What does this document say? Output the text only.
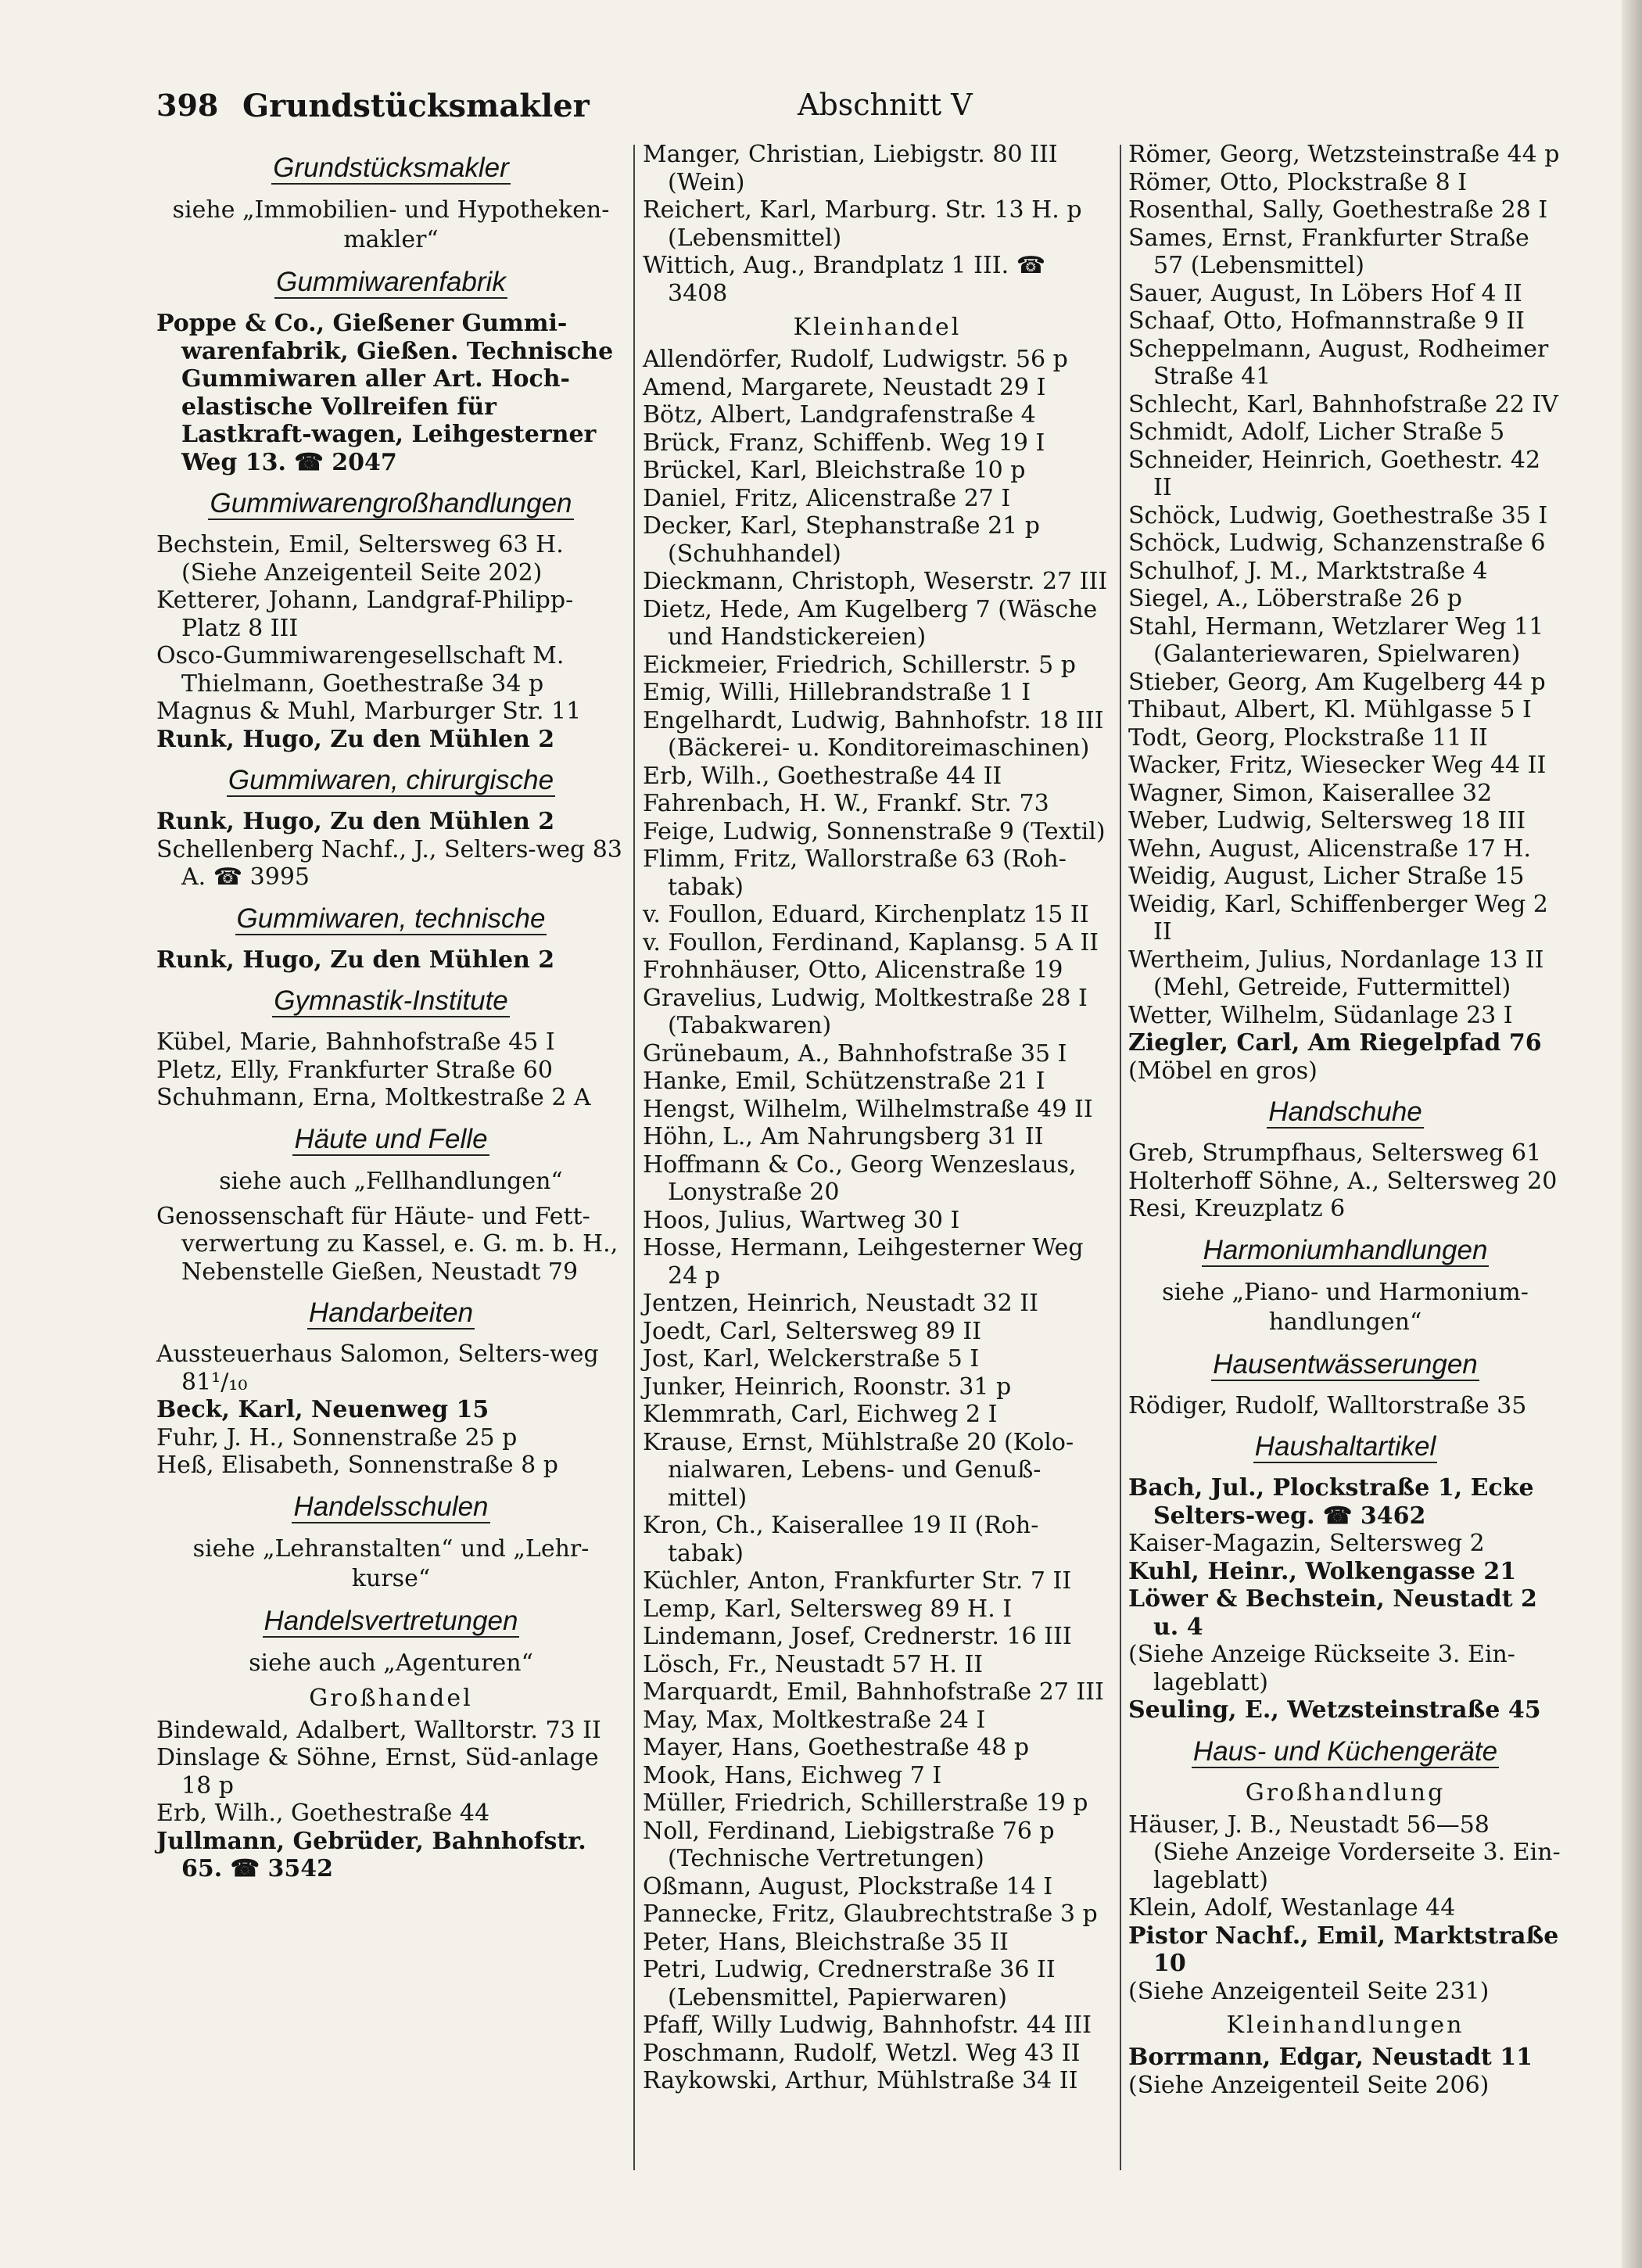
398 Grundstücksmakler	Abschnitt V
Grundstücksmakler
siehe „Immobilien- und Hypotheken-makler“
Gummiwarenfabrik
Poppe & Co., Gießener Gummi-warenfabrik, Gießen. Technische Gummiwaren aller Art. Hoch-elastische Vollreifen für Lastkraft-wagen, Leihgesterner Weg 13. ☎ 2047
Gummiwarengroßhandlungen
Bechstein, Emil, Seltersweg 63 H. (Siehe Anzeigenteil Seite 202)
Ketterer, Johann, Landgraf-Philipp-Platz 8 III
Osco-Gummiwarengesellschaft M. Thielmann, Goethestraße 34 p
Magnus & Muhl, Marburger Str. 11
Runk, Hugo, Zu den Mühlen 2
Gummiwaren, chirurgische
Runk, Hugo, Zu den Mühlen 2
Schellenberg Nachf., J., Selters-weg 83 A. ☎ 3995
Gummiwaren, technische
Runk, Hugo, Zu den Mühlen 2
Gymnastik-Institute
Kübel, Marie, Bahnhofstraße 45 I
Pletz, Elly, Frankfurter Straße 60
Schuhmann, Erna, Moltkestraße 2 A
Häute und Felle
siehe auch „Fellhandlungen“
Genossenschaft für Häute- und Fett-verwertung zu Kassel, e. G. m. b. H., Nebenstelle Gießen, Neustadt 79
Handarbeiten
Aussteuerhaus Salomon, Selters-weg 81¹/₁₀
Beck, Karl, Neuenweg 15
Fuhr, J. H., Sonnenstraße 25 p
Heß, Elisabeth, Sonnenstraße 8 p
Handelsschulen
siehe „Lehranstalten“ und „Lehr-kurse“
Handelsvertretungen
siehe auch „Agenturen“
Großhandel
Bindewald, Adalbert, Walltorstr. 73 II
Dinslage & Söhne, Ernst, Süd-anlage 18 p
Erb, Wilh., Goethestraße 44
Jullmann, Gebrüder, Bahnhofstr. 65. ☎ 3542
Manger, Christian, Liebigstr. 80 III (Wein)
Reichert, Karl, Marburg. Str. 13 H. p (Lebensmittel)
Wittich, Aug., Brandplatz 1 III. ☎ 3408
Kleinhandel
Allendörfer, Rudolf, Ludwigstr. 56 p
Amend, Margarete, Neustadt 29 I
Bötz, Albert, Landgrafenstraße 4
Brück, Franz, Schiffenb. Weg 19 I
Brückel, Karl, Bleichstraße 10 p
Daniel, Fritz, Alicenstraße 27 I
Decker, Karl, Stephanstraße 21 p (Schuhhandel)
Dieckmann, Christoph, Weserstr. 27 III
Dietz, Hede, Am Kugelberg 7 (Wäsche und Handstickereien)
Eickmeier, Friedrich, Schillerstr. 5 p
Emig, Willi, Hillebrandstraße 1 I
Engelhardt, Ludwig, Bahnhofstr. 18 III (Bäckerei- u. Konditoreimaschinen)
Erb, Wilh., Goethestraße 44 II
Fahrenbach, H. W., Frankf. Str. 73
Feige, Ludwig, Sonnenstraße 9 (Textil)
Flimm, Fritz, Wallorstraße 63 (Roh-tabak)
v. Foullon, Eduard, Kirchenplatz 15 II
v. Foullon, Ferdinand, Kaplansg. 5 A II
Frohnhäuser, Otto, Alicenstraße 19
Gravelius, Ludwig, Moltkestraße 28 I (Tabakwaren)
Grünebaum, A., Bahnhofstraße 35 I
Hanke, Emil, Schützenstraße 21 I
Hengst, Wilhelm, Wilhelmstraße 49 II
Höhn, L., Am Nahrungsberg 31 II
Hoffmann & Co., Georg Wenzeslaus, Lonystraße 20
Hoos, Julius, Wartweg 30 I
Hosse, Hermann, Leihgesterner Weg 24 p
Jentzen, Heinrich, Neustadt 32 II
Joedt, Carl, Seltersweg 89 II
Jost, Karl, Welckerstraße 5 I
Junker, Heinrich, Roonstr. 31 p
Klemmrath, Carl, Eichweg 2 I
Krause, Ernst, Mühlstraße 20 (Kolo-nialwaren, Lebens- und Genuß-mittel)
Kron, Ch., Kaiserallee 19 II (Roh-tabak)
Küchler, Anton, Frankfurter Str. 7 II
Lemp, Karl, Seltersweg 89 H. I
Lindemann, Josef, Crednerstr. 16 III
Lösch, Fr., Neustadt 57 H. II
Marquardt, Emil, Bahnhofstraße 27 III
May, Max, Moltkestraße 24 I
Mayer, Hans, Goethestraße 48 p
Mook, Hans, Eichweg 7 I
Müller, Friedrich, Schillerstraße 19 p
Noll, Ferdinand, Liebigstraße 76 p (Technische Vertretungen)
Oßmann, August, Plockstraße 14 I
Pannecke, Fritz, Glaubrechtstraße 3 p
Peter, Hans, Bleichstraße 35 II
Petri, Ludwig, Crednerstraße 36 II (Lebensmittel, Papierwaren)
Pfaff, Willy Ludwig, Bahnhofstr. 44 III
Poschmann, Rudolf, Wetzl. Weg 43 II
Raykowski, Arthur, Mühlstraße 34 II
Römer, Georg, Wetzsteinstraße 44 p
Römer, Otto, Plockstraße 8 I
Rosenthal, Sally, Goethestraße 28 I
Sames, Ernst, Frankfurter Straße 57 (Lebensmittel)
Sauer, August, In Löbers Hof 4 II
Schaaf, Otto, Hofmannstraße 9 II
Scheppelmann, August, Rodheimer Straße 41
Schlecht, Karl, Bahnhofstraße 22 IV
Schmidt, Adolf, Licher Straße 5
Schneider, Heinrich, Goethestr. 42 II
Schöck, Ludwig, Goethestraße 35 I
Schöck, Ludwig, Schanzenstraße 6
Schulhof, J. M., Marktstraße 4
Siegel, A., Löberstraße 26 p
Stahl, Hermann, Wetzlarer Weg 11 (Galanteriewaren, Spielwaren)
Stieber, Georg, Am Kugelberg 44 p
Thibaut, Albert, Kl. Mühlgasse 5 I
Todt, Georg, Plockstraße 11 II
Wacker, Fritz, Wiesecker Weg 44 II
Wagner, Simon, Kaiserallee 32
Weber, Ludwig, Seltersweg 18 III
Wehn, August, Alicenstraße 17 H.
Weidig, August, Licher Straße 15
Weidig, Karl, Schiffenberger Weg 2 II
Wertheim, Julius, Nordanlage 13 II (Mehl, Getreide, Futtermittel)
Wetter, Wilhelm, Südanlage 23 I
Ziegler, Carl, Am Riegelpfad 76
(Möbel en gros)
Handschuhe
Greb, Strumpfhaus, Seltersweg 61
Holterhoff Söhne, A., Seltersweg 20
Resi, Kreuzplatz 6
Harmoniumhandlungen
siehe „Piano- und Harmonium-handlungen“
Hausentwässerungen
Rödiger, Rudolf, Walltorstraße 35
Haushaltartikel
Bach, Jul., Plockstraße 1, Ecke Selters-weg. ☎ 3462
Kaiser-Magazin, Seltersweg 2
Kuhl, Heinr., Wolkengasse 21
Löwer & Bechstein, Neustadt 2 u. 4
(Siehe Anzeige Rückseite 3. Ein-lageblatt)
Seuling, E., Wetzsteinstraße 45
Haus- und Küchengeräte
Großhandlung
Häuser, J. B., Neustadt 56—58 (Siehe Anzeige Vorderseite 3. Ein-lageblatt)
Klein, Adolf, Westanlage 44
Pistor Nachf., Emil, Marktstraße 10
(Siehe Anzeigenteil Seite 231)
Kleinhandlungen
Borrmann, Edgar, Neustadt 11
(Siehe Anzeigenteil Seite 206)
